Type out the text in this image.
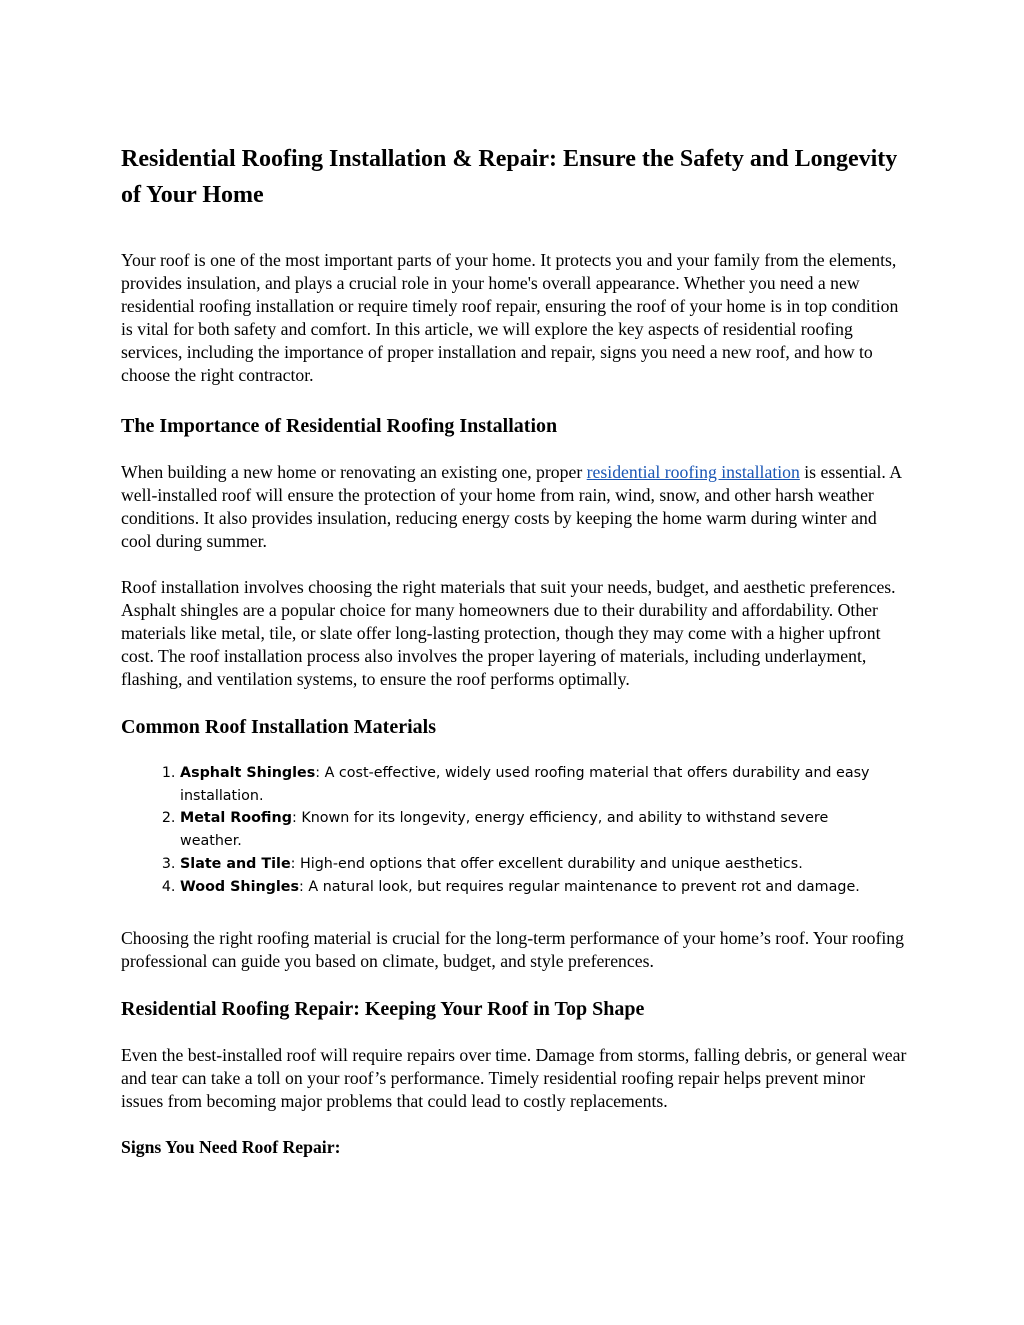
Residential Roofing Installation & Repair: Ensure the Safety and Longevity of Your Home

Your roof is one of the most important parts of your home. It protects you and your family from the elements, provides insulation, and plays a crucial role in your home's overall appearance. Whether you need a new residential roofing installation or require timely roof repair, ensuring the roof of your home is in top condition is vital for both safety and comfort. In this article, we will explore the key aspects of residential roofing services, including the importance of proper installation and repair, signs you need a new roof, and how to choose the right contractor.

The Importance of Residential Roofing Installation

When building a new home or renovating an existing one, proper residential roofing installation is essential. A well-installed roof will ensure the protection of your home from rain, wind, snow, and other harsh weather conditions. It also provides insulation, reducing energy costs by keeping the home warm during winter and cool during summer.

Roof installation involves choosing the right materials that suit your needs, budget, and aesthetic preferences. Asphalt shingles are a popular choice for many homeowners due to their durability and affordability. Other materials like metal, tile, or slate offer long-lasting protection, though they may come with a higher upfront cost. The roof installation process also involves the proper layering of materials, including underlayment, flashing, and ventilation systems, to ensure the roof performs optimally.

Common Roof Installation Materials
1. Asphalt Shingles: A cost-effective, widely used roofing material that offers durability and easy installation.
2. Metal Roofing: Known for its longevity, energy efficiency, and ability to withstand severe weather.
3. Slate and Tile: High-end options that offer excellent durability and unique aesthetics.
4. Wood Shingles: A natural look, but requires regular maintenance to prevent rot and damage.

Choosing the right roofing material is crucial for the long-term performance of your home’s roof. Your roofing professional can guide you based on climate, budget, and style preferences.

Residential Roofing Repair: Keeping Your Roof in Top Shape

Even the best-installed roof will require repairs over time. Damage from storms, falling debris, or general wear and tear can take a toll on your roof’s performance. Timely residential roofing repair helps prevent minor issues from becoming major problems that could lead to costly replacements.

Signs You Need Roof Repair:
